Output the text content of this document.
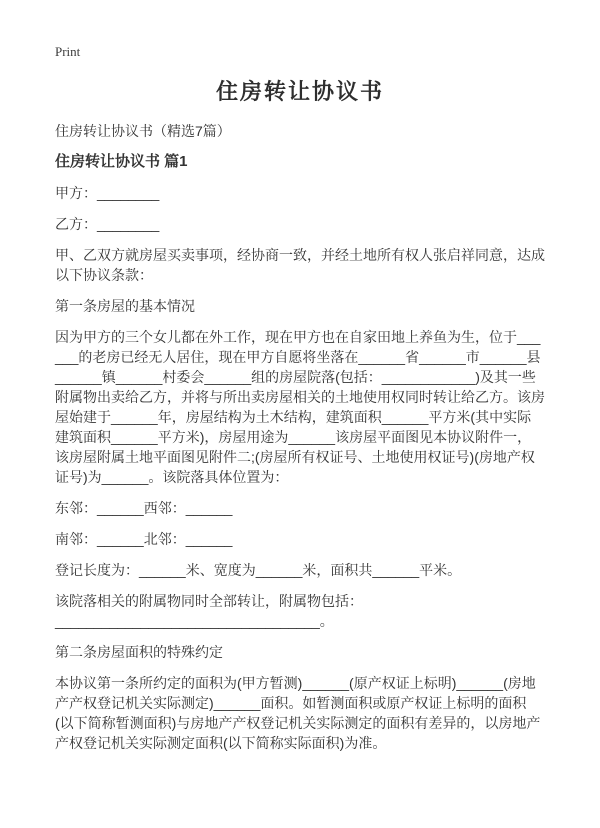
Print
住房转让协议书

住房转让协议书（精选7篇）

住房转让协议书 篇1

甲方：________

乙方：________

甲、乙双方就房屋买卖事项，经协商一致，并经土地所有权人张启祥同意，达成以下协议条款：

第一条房屋的基本情况

因为甲方的三个女儿都在外工作，现在甲方也在自家田地上养鱼为生，位于______的老房已经无人居住，现在甲方自愿将坐落在______省______市______县______镇______村委会______组的房屋院落(包括：____________)及其一些附属物出卖给乙方，并将与所出卖房屋相关的土地使用权同时转让给乙方。该房屋始建于______年，房屋结构为土木结构，建筑面积______平方米(其中实际建筑面积______平方米)，房屋用途为______该房屋平面图见本协议附件一，该房屋附属土地平面图见附件二;(房屋所有权证号、土地使用权证号)(房地产权证号)为______。该院落具体位置为：

东邻：______西邻：______

南邻：______北邻：______

登记长度为：______米、宽度为______米，面积共______平米。

该院落相关的附属物同时全部转让，附属物包括：
__________________________________。

第二条房屋面积的特殊约定

本协议第一条所约定的面积为(甲方暂测)______(原产权证上标明)______(房地产产权登记机关实际测定)______面积。如暂测面积或原产权证上标明的面积(以下简称暂测面积)与房地产产权登记机关实际测定的面积有差异的，以房地产产权登记机关实际测定面积(以下简称实际面积)为准。
